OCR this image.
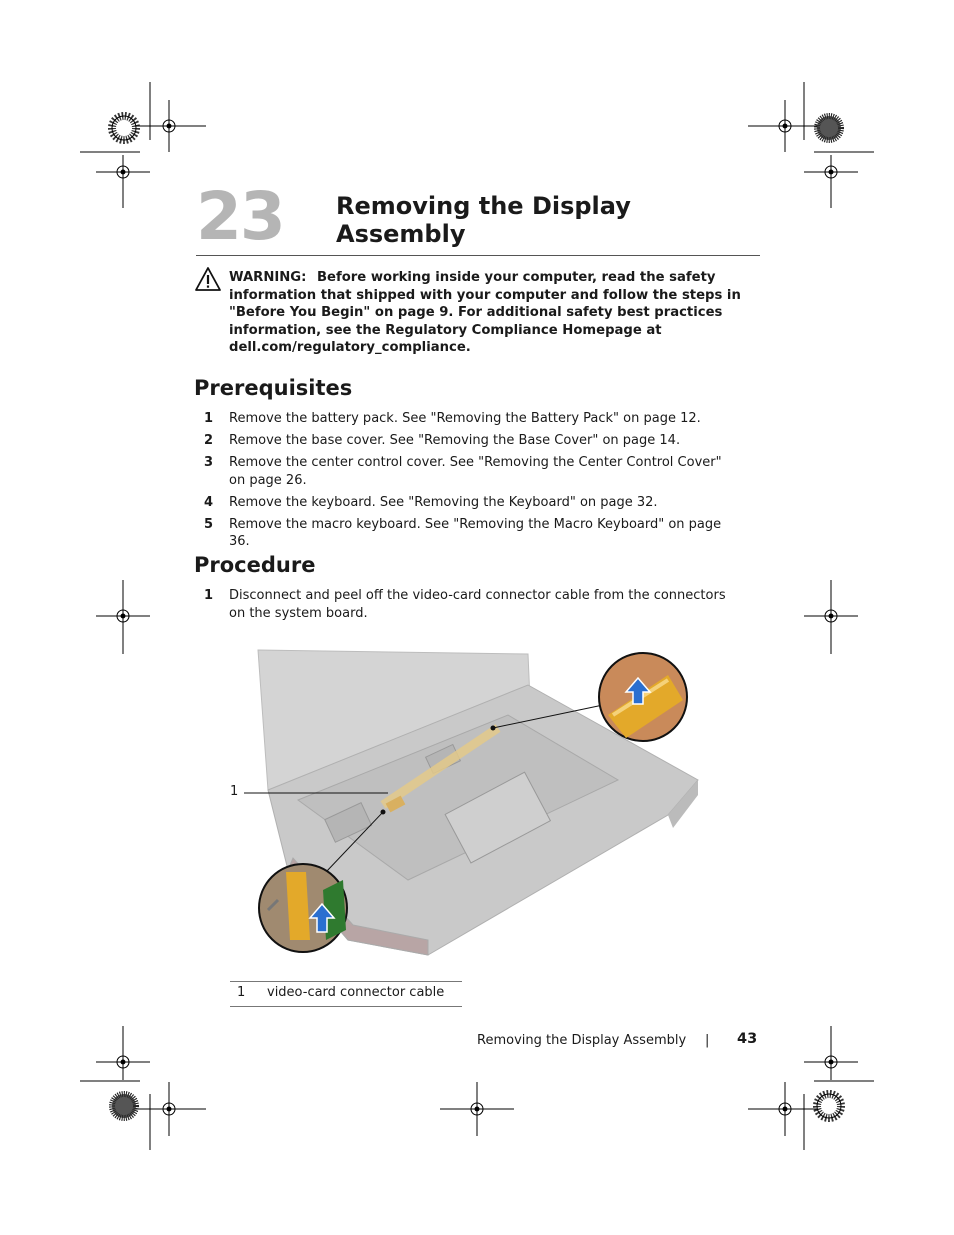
23 Removing the Display
Assembly
WARNING: Before working inside your computer, read the safety information that shipped with your computer and follow the steps in "Before You Begin" on page 9. For additional safety best practices information, see the Regulatory Compliance Homepage at dell.com/regulatory_compliance.
Prerequisites
1 Remove the battery pack. See "Removing the Battery Pack" on page 12.
2 Remove the base cover. See "Removing the Base Cover" on page 14.
3 Remove the center control cover. See "Removing the Center Control Cover" on page 26.
4 Remove the keyboard. See "Removing the Keyboard" on page 32.
5 Remove the macro keyboard. See "Removing the Macro Keyboard" on page 36.
Procedure
1 Disconnect and peel off the video-card connector cable from the connectors on the system board.
1
1 video-card connector cable
Removing the Display Assembly | 43
